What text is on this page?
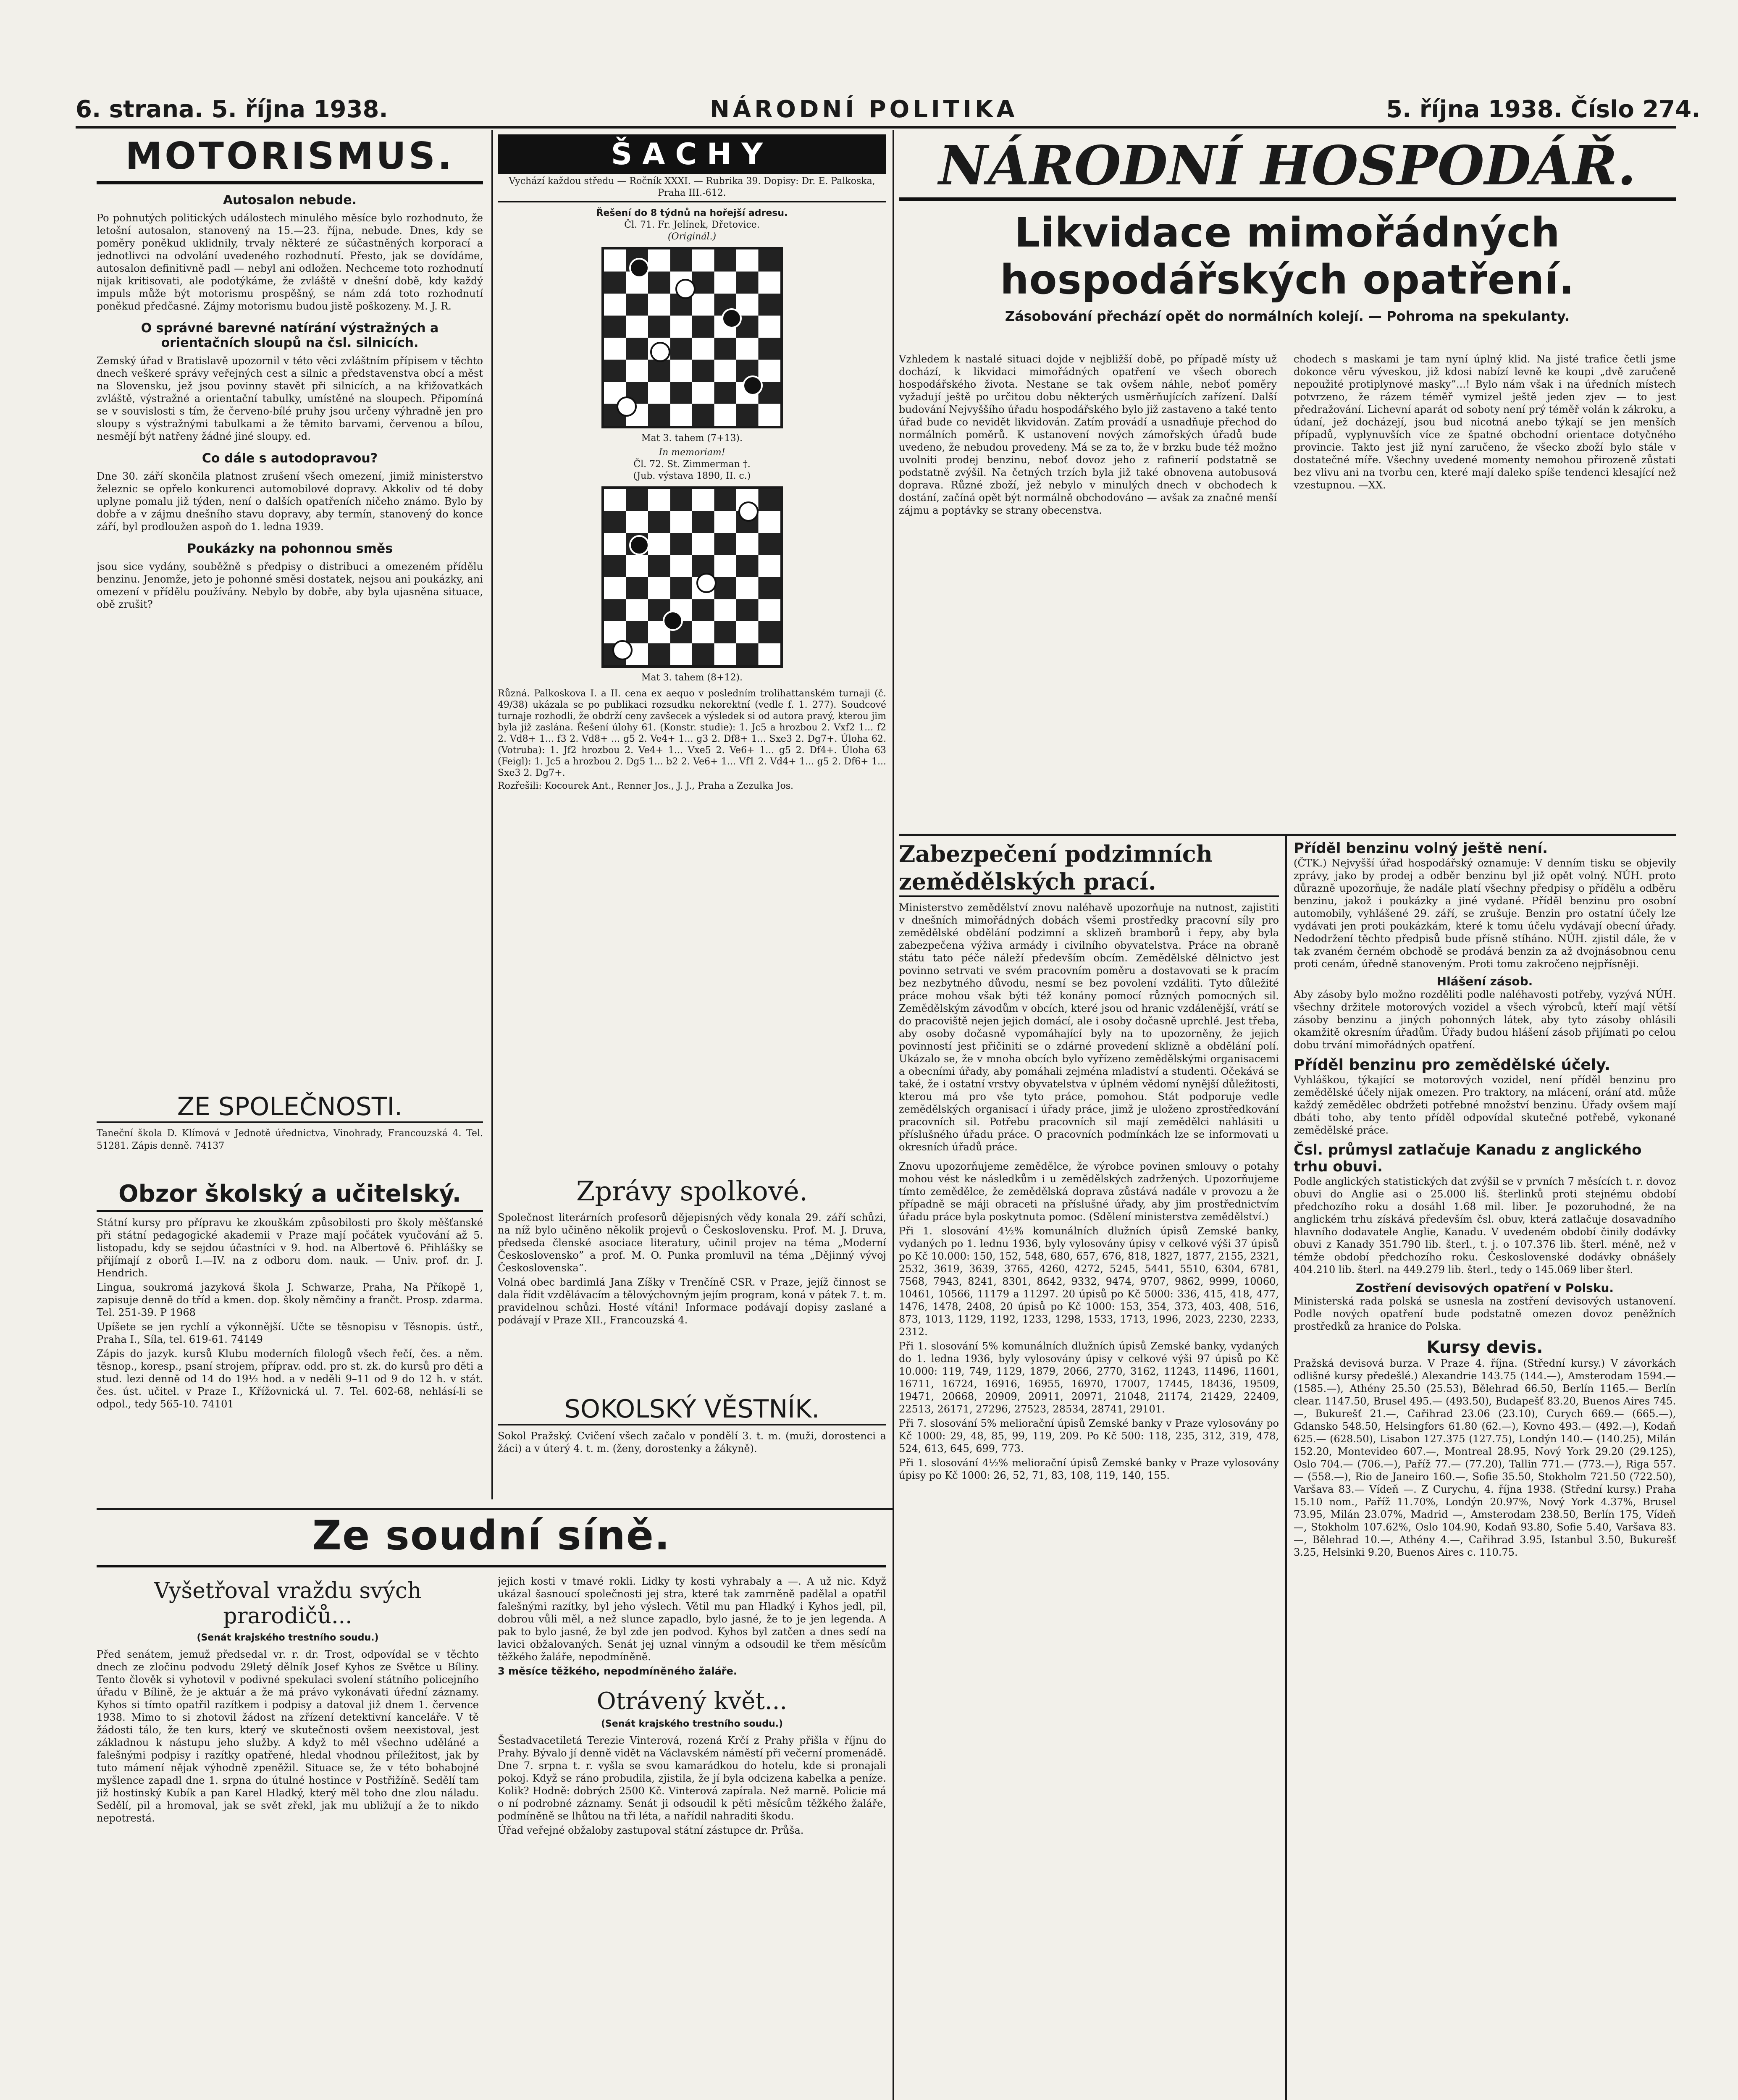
6. strana. 5. října 1938.	NÁRODNÍ POLITIKA	5. října 1938. Číslo 274.
MOTORISMUS.
Autosalon nebude.

Po pohnutých politických událostech minulého měsíce bylo rozhodnuto, že letošní autosalon, stanovený na 15.—23. října, nebude. Dnes, kdy se poměry poněkud uklidnily, trvaly některé ze súčastněných korporací a jednotlivci na odvolání uvedeného rozhodnutí. Přesto, jak se dovídáme, autosalon definitivně padl — nebyl ani odložen. Nechceme toto rozhodnutí nijak kritisovati, ale podotýkáme, že zvláště v dnešní době, kdy každý impuls může být motorismu prospěšný, se nám zdá toto rozhodnutí poněkud předčasné. Zájmy motorismu budou jistě poškozeny. M. J. R.

O správné barevné natírání výstražných a orientačních sloupů na čsl. silnicích.

Zemský úřad v Bratislavě upozornil v této věci zvláštním přípisem v těchto dnech veškeré správy veřejných cest a silnic a představenstva obcí a měst na Slovensku, jež jsou povinny stavět při silnicích, a na křižovatkách zvláště, výstražné a orientační tabulky, umístěné na sloupech. Připomíná se v souvislosti s tím, že červeno-bílé pruhy jsou určeny výhradně jen pro sloupy s výstražnými tabulkami a že těmito barvami, červenou a bílou, nesmějí být natřeny žádné jiné sloupy. ed.

Co dále s autodopravou?

Dne 30. září skončila platnost zrušení všech omezení, jimiž ministerstvo železnic se opřelo konkurenci automobilové dopravy. Akkoliv od té doby uplyne pomalu již týden, není o dalších opatřeních ničeho známo. Bylo by dobře a v zájmu dnešního stavu dopravy, aby termín, stanovený do konce září, byl prodloužen aspoň do 1. ledna 1939.

Poukázky na pohonnou směs

jsou sice vydány, souběžně s předpisy o distribuci a omezeném přídělu benzinu. Jenomže, jeto je pohonné směsi dostatek, nejsou ani poukázky, ani omezení v přídělu používány. Nebylo by dobře, aby byla ujasněna situace, obě zrušit?

ZE SPOLEČNOSTI.

Taneční škola D. Klímová v Jednotě úřednictva, Vinohrady, Francouzská 4. Tel. 51281. Zápis denně. 74137

Obzor školský a učitelský.

Státní kursy pro přípravu ke zkouškám způsobilosti pro školy měšťanské při státní pedagogické akademii v Praze mají počátek vyučování až 5. listopadu, kdy se sejdou účastníci v 9. hod. na Albertově 6. Přihlášky se přijímají z oborů I.—IV. na z odboru dom. nauk. — Univ. prof. dr. J. Hendrich.

Linguа, soukromá jazyková škola J. Schwarze, Praha, Na Příkopě 1, zapisuje denně do tříd a kmen. dop. školy němčiny a frančt. Prosp. zdarma. Tel. 251-39. P 1968

Upíšete se jen rychlí a výkonnější. Učte se těsnopisu v Těsnopis. ústř., Praha I., Síla, tel. 619-61. 74149

Zápis do jazyk. kursů Klubu moderních filologů všech řečí, čes. a něm. těsnop., koresp., psaní strojem, příprav. odd. pro st. zk. do kursů pro děti a stud. lezi denně od 14 do 19½ hod. a v neděli 9–11 od 9 do 12 h. v stát. čes. úst. učitel. v Praze I., Křížovnická ul. 7. Tel. 602-68, nehlásí-li se odpol., tedy 565-10. 74101

ŠACHY
Vychází každou středu — Ročník XXXI. — Rubrika 39. Dopisy: Dr. E. Palkoska, Praha III.-612.
Řešení do 8 týdnů na hořejší adresu.
Čl. 71. Fr. Jelínek, Dřetovice.
(Originál.)
Mat 3. tahem (7+13).
In memoriam!
Čl. 72. St. Zimmerman †.
(Jub. výstava 1890, II. c.)
Mat 3. tahem (8+12).

Různá. Palkoskova I. a II. cena ex aequo v posledním trolihattanském turnaji (č. 49/38) ukázala se po publikaci rozsudku nekorektní (vedle f. 1. 277). Soudcové turnaje rozhodli, že obdrží ceny zavšecek a výsledek si od autora pravý, kterou jim byla již zaslána. Řešení úlohy 61. (Konstr. studie): 1. Jc5 a hrozbou 2. Vxf2 1... f2 2. Vd8+ 1... f3 2. Vd8+ ... g5 2. Ve4+ 1... g3 2. Df8+ 1... Sxe3 2. Dg7+. Úloha 62. (Votruba): 1. Jf2 hrozbou 2. Ve4+ 1... Vxe5 2. Ve6+ 1... g5 2. Df4+. Úloha 63 (Feigl): 1. Jc5 a hrozbou 2. Dg5 1... b2 2. Ve6+ 1... Vf1 2. Vd4+ 1... g5 2. Df6+ 1... Sxe3 2. Dg7+.

Rozřešili: Kocourek Ant., Renner Jos., J. J., Praha a Zezulka Jos.

Zprávy spolkové.

Společnost literárních profesorů dějepisných vědy konala 29. září schůzi, na níž bylo učiněno několik projevů o Československu. Prof. M. J. Druva, předseda členské asociace literatury, učinil projev na téma „Moderní Československo” a prof. M. O. Punka promluvil na téma „Dějinný vývoj Československa”.

Volná obec bardimlá Jana Zíšky v Trenčíně CSR. v Praze, jejíž činnost se dala řídit vzdělávacím a tělovýchovným jejím program, koná v pátek 7. t. m. pravidelnou schůzi. Hosté vítáni! Informace podávají dopisy zaslané a podávají v Praze XII., Francouzská 4.

SOKOLSKÝ VĚSTNÍK.

Sokol Pražský. Cvičení všech začalo v pondělí 3. t. m. (muži, dorostenci a žáci) a v úterý 4. t. m. (ženy, dorostenky a žákyně).

Ze soudní síně.
Vyšetřoval vraždu svých prarodičů...
(Senát krajského trestního soudu.)

Před senátem, jemuž předsedal vr. r. dr. Trost, odpovídal se v těchto dnech ze zločinu podvodu 29letý dělník Josef Kyhos ze Světce u Bíliny. Tento člověk si vyhotovil v podivné spekulaci svolení státního policejního úřadu v Bílině, že je aktuár a že má právo vykonávati úřední záznamy. Kyhos si tímto opatřil razítkem i podpisy a datoval již dnem 1. července 1938. Mimo to si zhotovil žádost na zřízení detektivní kanceláře. V tě žádosti tálo, že ten kurs, který ve skutečnosti ovšem neexistoval, jest základnou k nástupu jeho služby. A když to měl všechno uděláné a falešnými podpisy i razítky opatřené, hledal vhodnou příležitost, jak by tuto mámení nějak výhodně zpeněžil. Situace se, že v této bohabojné myšlence zapadl dne 1. srpna do útulné hostince v Postřižíně. Sedělí tam již hostinský Kubík a pan Karel Hladký, který měl toho dne zlou náladu. Sedělí, pil a hromoval, jak se svět zřekl, jak mu ubližují a že to nikdo nepotrestá.

jejich kosti v tmavé rokli. Lidky ty kosti vyhrabaly a —. A už nic. Když ukázal šasnoucí společnosti jej stra, které tak zamrněně padělal a opatřil falešnými razítky, byl jeho výslech. Větil mu pan Hladký i Kyhos jedl, pil, dobrou vůli měl, a než slunce zapadlo, bylo jasné, že to je jen legenda. A pak to bylo jasné, že byl zde jen podvod. Kyhos byl zatčen a dnes sedí na lavici obžalovaných. Senát jej uznal vinným a odsoudil ke třem měsícům těžkého žaláře, nepodmíněně.

3 měsíce těžkého, nepodmíněného žaláře.

Otrávený květ...
(Senát krajského trestního soudu.)

Šestadvacetiletá Terezie Vinterová, rozená Krčí z Prahy přišla v říjnu do Prahy. Bývalo jí denně vidět na Václavském náměstí při večerní promenádě. Dne 7. srpna t. r. vyšla se svou kamarádkou do hotelu, kde si pronajali pokoj. Když se ráno probudila, zjistila, že jí byla odcizena kabelka a peníze. Kolik? Hodně: dobrých 2500 Kč. Vinterová zapírala. Než marně. Policie má o ní podrobné záznamy. Senát ji odsoudil k pěti měsícům těžkého žaláře, podmíněně se lhůtou na tři léta, a nařídil nahraditi škodu.

Úřad veřejné obžaloby zastupoval státní zástupce dr. Průša.

NÁRODNÍ HOSPODÁŘ.
Likvidace mimořádných
hospodářských opatření.
Zásobování přechází opět do normálních kolejí. — Pohroma na spekulanty.

Vzhledem k nastalé situaci dojde v nejbližší době, po případě místy už dochází, k likvidaci mimořádných opatření ve všech oborech hospodářského života. Nestane se tak ovšem náhle, neboť poměry vyžadují ještě po určitou dobu některých usměrňujících zařízení. Další budování Nejvyššího úřadu hospodářského bylo již zastaveno a také tento úřad bude co nevidět likvidován. Zatím provádí a usnadňuje přechod do normálních poměrů. K ustanovení nových zámořských úřadů bude uvedeno, že nebudou provedeny. Má se za to, že v brzku bude též možno uvolniti prodej benzinu, neboť dovoz jeho z rafinerií podstatně se podstatně zvýšil. Na četných trzích byla již také obnovena autobusová doprava. Různé zboží, jež nebylo v minulých dnech v obchodech k dostání, začíná opět být normálně obchodováno — avšak za značné menší zájmu a poptávky se strany obecenstva.

chodech s maskami je tam nyní úplný klid. Na jisté trafice četli jsme dokonce věru výveskou, již kdosi nabízí levně ke koupi „dvě zaručeně nepoužité protiplynové masky”...! Bylo nám však i na úředních místech potvrzeno, že rázem téměř vymizel ještě jeden zjev — to jest předražování. Lichevní aparát od soboty není prý téměř volán k zákroku, a údaní, jež docházejí, jsou bud nicotná anebo týkají se jen menších případů, vyplynuvších více ze špatné obchodní orientace dotyčného provincie. Takto jest již nyní zaručeno, že všecko zboží bylo stále v dostatečné míře. Všechny uvedené momenty nemohou přirozeně zůstati bez vlivu ani na tvorbu cen, které mají daleko spíše tendenci klesající než vzestupnou. —XX.

Zabezpečení podzimních zemědělských prací.

Ministerstvo zemědělství znovu naléhavě upozorňuje na nutnost, zajistiti v dnešních mimořádných dobách všemi prostředky pracovní síly pro zemědělské obdělání podzimní a sklizeň bramborů i řepy, aby byla zabezpečena výživa armády i civilního obyvatelstva. Práce na obraně státu tato péče náleží především obcím. Zemědělské dělnictvo jest povinno setrvati ve svém pracovním poměru a dostavovati se k pracím bez nezbytného důvodu, nesmí se bez povolení vzdáliti. Tyto důležité práce mohou však býti též konány pomocí různých pomocných sil. Zemědělským závodům v obcích, které jsou od hranic vzdálenější, vrátí se do pracoviště nejen jejich domácí, ale i osoby dočasně uprchlé. Jest třeba, aby osoby dočasně vypomáhající byly na to upozorněny, že jejich povinností jest přičiniti se o zdárné provedení sklizně a obdělání polí. Ukázalo se, že v mnoha obcích bylo vyřízeno zemědělskými organisacemi a obecními úřady, aby pomáhali zejména mladiství a studenti. Očekává se také, že i ostatní vrstvy obyvatelstva v úplném vědomí nynější důležitosti, kterou má pro vše tyto práce, pomohou. Stát podporuje vedle zemědělských organisací i úřady práce, jimž je uloženo zprostředkování pracovních sil. Potřebu pracovních sil mají zemědělci nahlásiti u příslušného úřadu práce. O pracovních podmínkách lze se informovati u okresních úřadů práce.

Znovu upozorňujeme zemědělce, že výrobce povinen smlouvy o potahy mohou vést ke následkům i u zemědělských zadržených. Upozorňujeme tímto zemědělce, že zemědělská doprava zůstává nadále v provozu a že případně se máji obraceti na příslušné úřady, aby jim prostřednictvím úřadu práce byla poskytnuta pomoc. (Sdělení ministerstva zemědělství.)

Při 1. slosování 4½% komunálních dlužních úpisů Zemské banky, vydaných po 1. lednu 1936, byly vylosovány úpisy v celkové výši 37 úpisů po Kč 10.000: 150, 152, 548, 680, 657, 676, 818, 1827, 1877, 2155, 2321, 2532, 3619, 3639, 3765, 4260, 4272, 5245, 5441, 5510, 6304, 6781, 7568, 7943, 8241, 8301, 8642, 9332, 9474, 9707, 9862, 9999, 10060, 10461, 10566, 11179 a 11297. 20 úpisů po Kč 5000: 336, 415, 418, 477, 1476, 1478, 2408, 20 úpisů po Kč 1000: 153, 354, 373, 403, 408, 516, 873, 1013, 1129, 1192, 1233, 1298, 1533, 1713, 1996, 2023, 2230, 2233, 2312.

Při 1. slosování 5% komunálních dlužních úpisů Zemské banky, vydaných do 1. ledna 1936, byly vylosovány úpisy v celkové výši 97 úpisů po Kč 10.000: 119, 749, 1129, 1879, 2066, 2770, 3162, 11243, 11496, 11601, 16711, 16724, 16916, 16955, 16970, 17007, 17445, 18436, 19509, 19471, 20668, 20909, 20911, 20971, 21048, 21174, 21429, 22409, 22513, 26171, 27296, 27523, 28534, 28741, 29101.

Při 7. slosování 5% meliorační úpisů Zemské banky v Praze vylosovány po Kč 1000: 29, 48, 85, 99, 119, 209. Po Kč 500: 118, 235, 312, 319, 478, 524, 613, 645, 699, 773.

Při 1. slosování 4½% meliorační úpisů Zemské banky v Praze vylosovány úpisy po Kč 1000: 26, 52, 71, 83, 108, 119, 140, 155.

Příděl benzinu volný ještě není.

(ČTK.) Nejvyšší úřad hospodářský oznamuje: V denním tisku se objevily zprávy, jako by prodej a odběr benzinu byl již opět volný. NÚH. proto důrazně upozorňuje, že nadále platí všechny předpisy o přídělu a odběru benzinu, jakož i poukázky a jiné vydané. Příděl benzinu pro osobní automobily, vyhlášené 29. září, se zrušuje. Benzin pro ostatní účely lze vydávati jen proti poukázkám, které k tomu účelu vydávají obecní úřady. Nedodržení těchto předpisů bude přísně stíháno. NÚH. zjistil dále, že v tak zvaném černém obchodě se prodává benzin za až dvojnásobnou cenu proti cenám, úředně stanoveným. Proti tomu zakročeno nejpřísněji.

Hlášení zásob.

Aby zásoby bylo možno rozděliti podle naléhavosti potřeby, vyzývá NÚH. všechny držitele motorových vozidel a všech výrobců, kteří mají větší zásoby benzinu a jiných pohonných látek, aby tyto zásoby ohlásili okamžitě okresním úřadům. Úřady budou hlášení zásob přijímati po celou dobu trvání mimořádných opatření.

Příděl benzinu pro zemědělské účely.

Vyhláškou, týkající se motorových vozidel, není příděl benzinu pro zemědělské účely nijak omezen. Pro traktory, na mlácení, orání atd. může každý zemědělec obdržeti potřebné množství benzinu. Úřady ovšem mají dbáti toho, aby tento příděl odpovídal skutečné potřebě, vykonané zemědělské práce.

Čsl. průmysl zatlačuje Kanadu z anglického trhu obuvi.

Podle anglických statistických dat zvýšil se v prvních 7 měsících t. r. dovoz obuvi do Anglie asi o 25.000 liš. šterlinků proti stejnému období předchozího roku a dosáhl 1.68 mil. liber. Je pozoruhodné, že na anglickém trhu získává především čsl. obuv, která zatlačuje dosavadního hlavního dodavatele Anglie, Kanadu. V uvedeném období činily dodávky obuvi z Kanady 351.790 lib. šterl., t. j. o 107.376 lib. šterl. méně, než v témže období předchozího roku. Československé dodávky obnášely 404.210 lib. šterl. na 449.279 lib. šterl., tedy o 145.069 liber šterl.

Zostření devisových opatření v Polsku.

Ministerská rada polská se usnesla na zostření devisových ustanovení. Podle nových opatření bude podstatně omezen dovoz peněžních prostředků za hranice do Polska.

Kursy devis.

Pražská devisová burza. V Praze 4. října. (Střední kursy.) V závorkách odlišné kursy předešlé.) Alexandrie 143.75 (144.—), Amsterodam 1594.— (1585.—), Athény 25.50 (25.53), Bělehrad 66.50, Berlín 1165.— Berlín clear. 1147.50, Brusel 495.— (493.50), Budapešť 83.20, Buenos Aires 745.—, Bukurešť 21.—, Cařihrad 23.06 (23.10), Curych 669.— (665.—), Gdansko 548.50, Helsingfors 61.80 (62.—), Kovno 493.— (492.—), Kodaň 625.— (628.50), Lisabon 127.375 (127.75), Londýn 140.— (140.25), Milán 152.20, Montevideo 607.—, Montreal 28.95, Nový York 29.20 (29.125), Oslo 704.— (706.—), Paříž 77.— (77.20), Tallin 771.— (773.—), Riga 557.— (558.—), Rio de Janeiro 160.—, Sofie 35.50, Stokholm 721.50 (722.50), Varšava 83.— Vídeň —. Z Curychu, 4. října 1938. (Střední kursy.) Praha 15.10 nom., Paříž 11.70%, Londýn 20.97%, Nový York 4.37%, Brusel 73.95, Milán 23.07%, Madrid —, Amsterodam 238.50, Berlín 175, Vídeň —, Stokholm 107.62%, Oslo 104.90, Kodaň 93.80, Sofie 5.40, Varšava 83.—, Bělehrad 10.—, Athény 4.—, Cařihrad 3.95, Istanbul 3.50, Bukurešť 3.25, Helsinki 9.20, Buenos Aires c. 110.75.
